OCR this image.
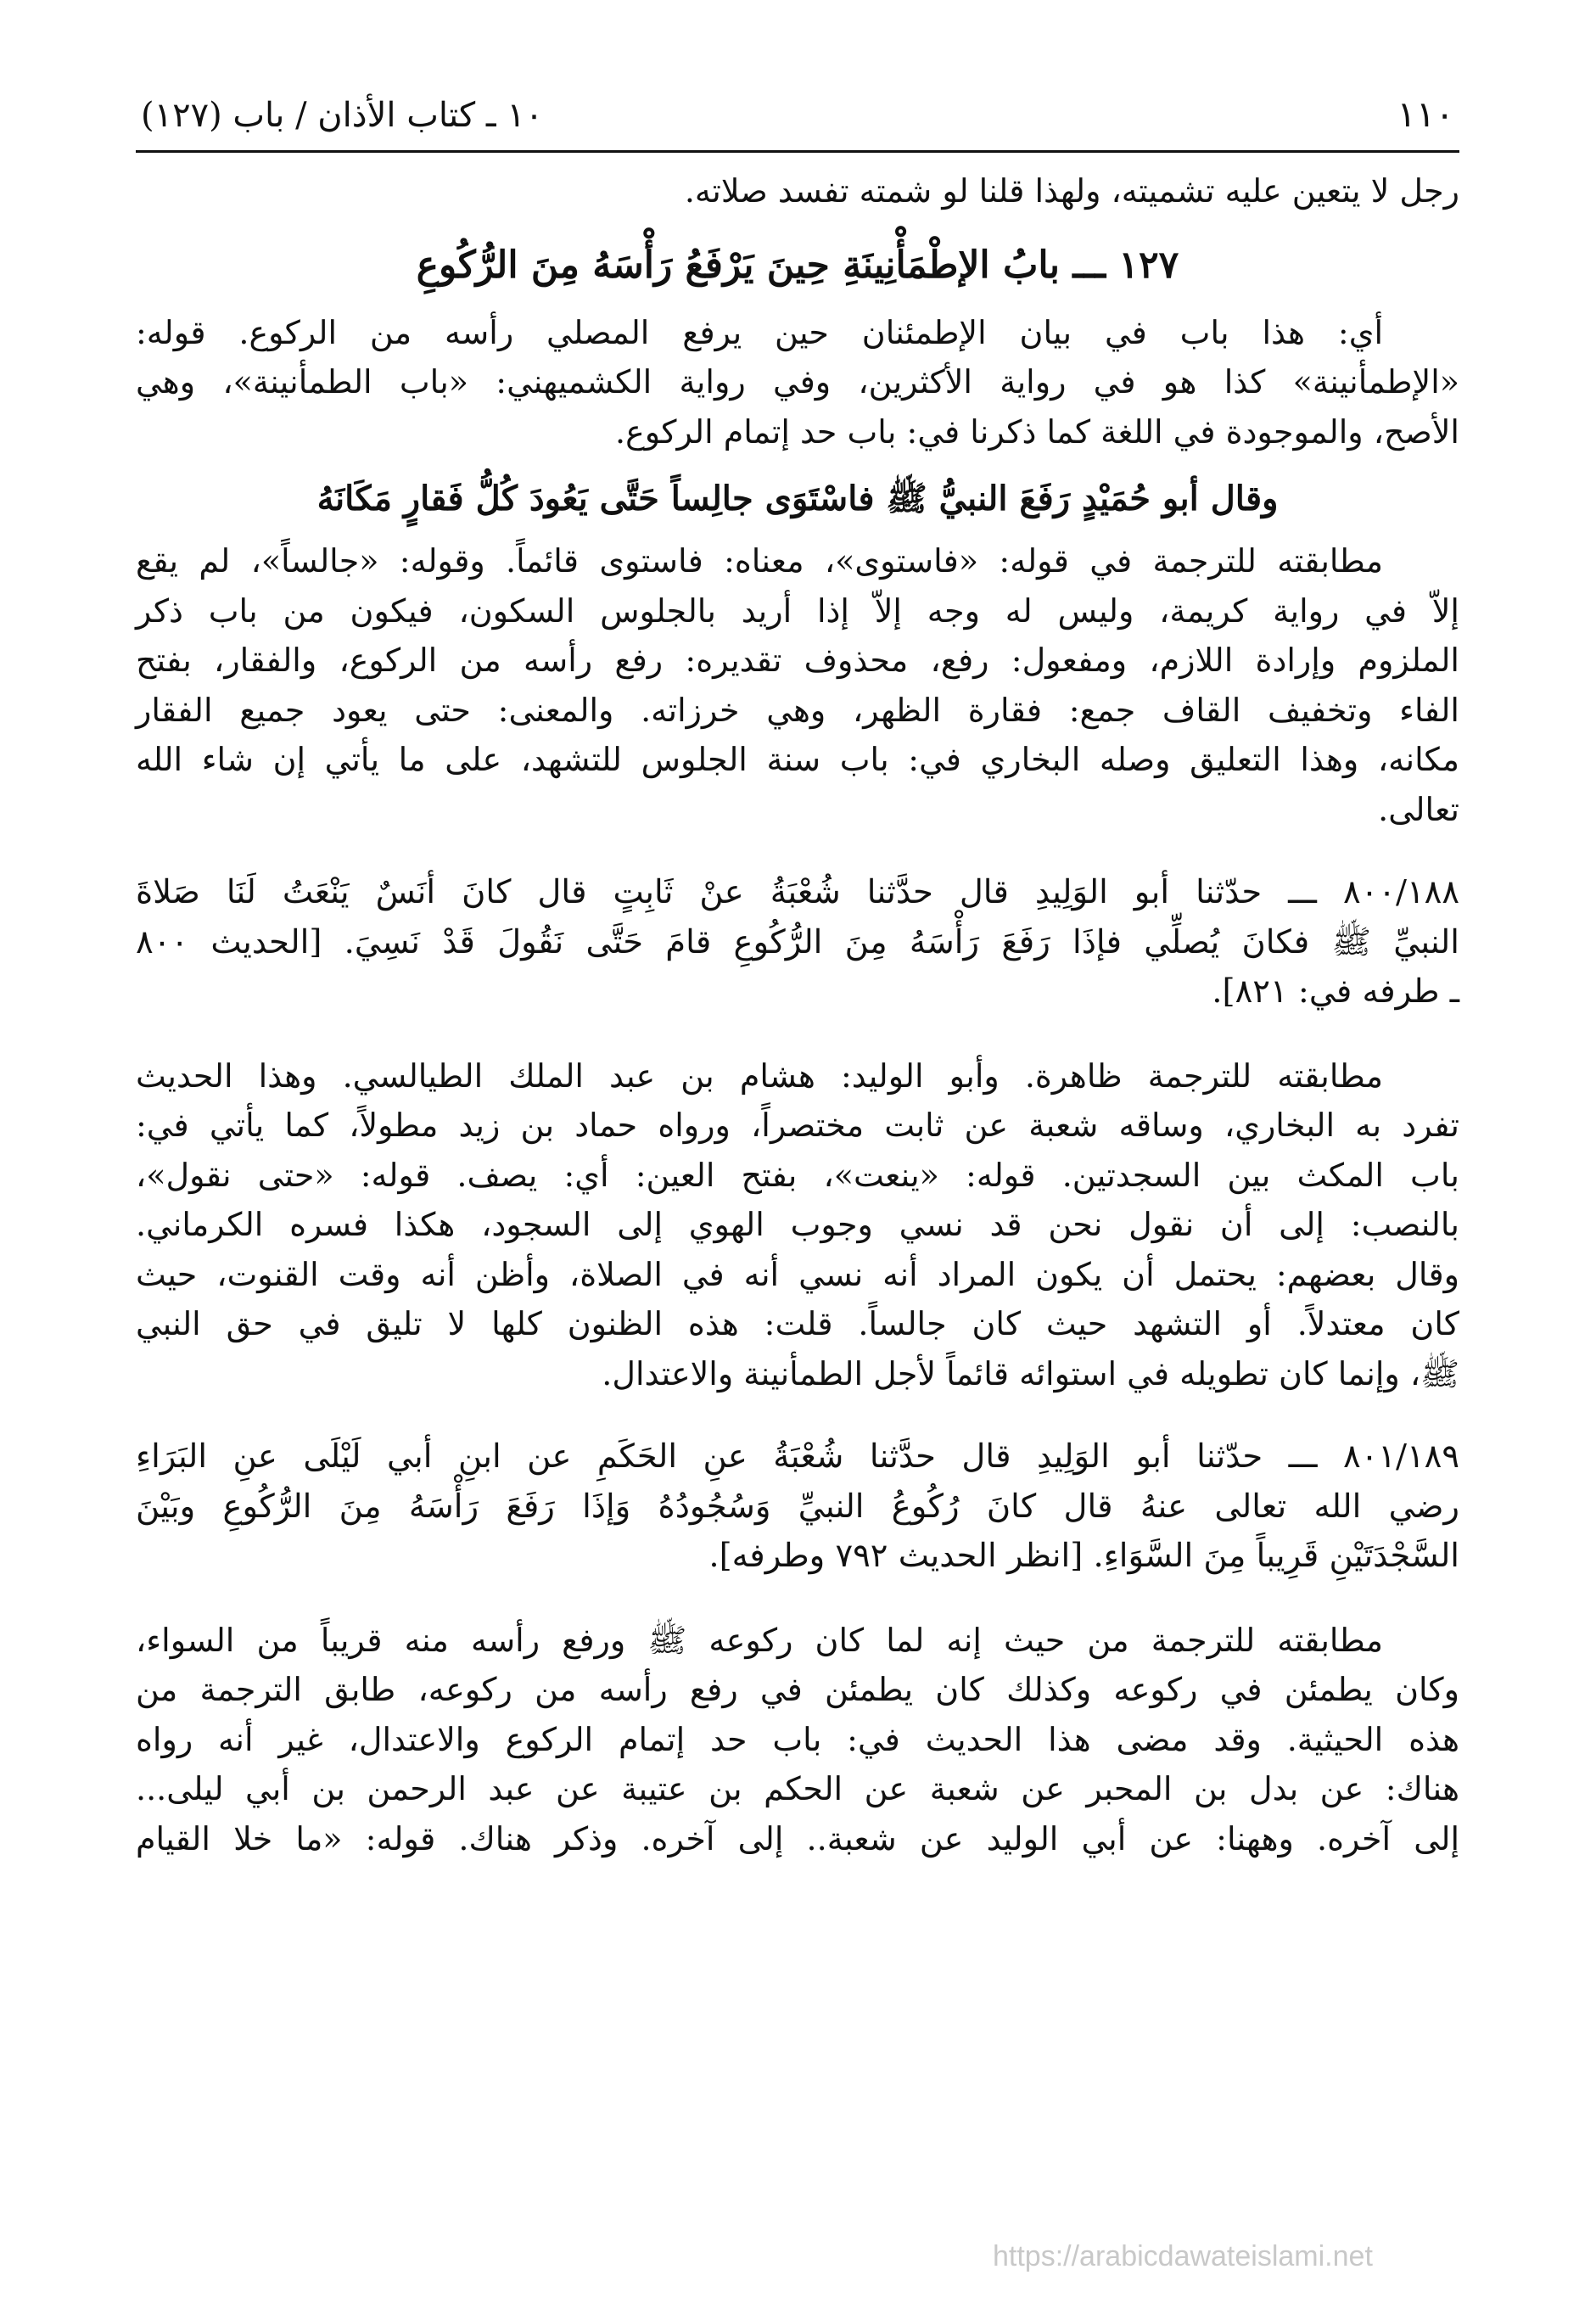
١١٠
١٠ ـ كتاب الأذان / باب (١٢٧)
رجل لا يتعين عليه تشميته، ولهذا قلنا لو شمته تفسد صلاته.
١٢٧ ـــ بابُ الإطْمَأْنِينَةِ حِينَ يَرْفَعُ رَأْسَهُ مِنَ الرُّكُوعِ
أي: هذا باب في بيان الإطمئنان حين يرفع المصلي رأسه من الركوع. قوله:
«الإطمأنينة» كذا هو في رواية الأكثرين، وفي رواية الكشميهني: «باب الطمأنينة»، وهي
الأصح، والموجودة في اللغة كما ذكرنا في: باب حد إتمام الركوع.
وقال أبو حُمَيْدٍ رَفَعَ النبيُّ ﷺ فاسْتَوَى جالِساً حَتَّى يَعُودَ كُلُّ فَقارٍ مَكَانَهُ
مطابقته للترجمة في قوله: «فاستوى»، معناه: فاستوى قائماً. وقوله: «جالساً»، لم يقع
إلاّ في رواية كريمة، وليس له وجه إلاّ إذا أريد بالجلوس السكون، فيكون من باب ذكر
الملزوم وإرادة اللازم، ومفعول: رفع، محذوف تقديره: رفع رأسه من الركوع، والفقار، بفتح
الفاء وتخفيف القاف جمع: فقارة الظهر، وهي خرزاته. والمعنى: حتى يعود جميع الفقار
مكانه، وهذا التعليق وصله البخاري في: باب سنة الجلوس للتشهد، على ما يأتي إن شاء الله
تعالى.
٨٠٠/١٨٨ ـــ حدّثنا أبو الوَلِيدِ قال حدَّثنا شُعْبَةُ عنْ ثَابِتٍ قال كانَ أنَسٌ يَنْعَتُ لَنَا صَلاةَ
النبيِّ ﷺ فكانَ يُصلِّي فإذَا رَفَعَ رَأْسَهُ مِنَ الرُّكُوعِ قامَ حَتَّى نَقُولَ قَدْ نَسِيَ. [الحديث ٨٠٠
ـ طرفه في: ٨٢١].
مطابقته للترجمة ظاهرة. وأبو الوليد: هشام بن عبد الملك الطيالسي. وهذا الحديث
تفرد به البخاري، وساقه شعبة عن ثابت مختصراً، ورواه حماد بن زيد مطولاً، كما يأتي في:
باب المكث بين السجدتين. قوله: «ينعت»، بفتح العين: أي: يصف. قوله: «حتى نقول»،
بالنصب: إلى أن نقول نحن قد نسي وجوب الهوي إلى السجود، هكذا فسره الكرماني.
وقال بعضهم: يحتمل أن يكون المراد أنه نسي أنه في الصلاة، وأظن أنه وقت القنوت، حيث
كان معتدلاً. أو التشهد حيث كان جالساً. قلت: هذه الظنون كلها لا تليق في حق النبي
ﷺ، وإنما كان تطويله في استوائه قائماً لأجل الطمأنينة والاعتدال.
٨٠١/١٨٩ ـــ حدّثنا أبو الوَلِيدِ قال حدَّثنا شُعْبَةُ عنِ الحَكَمِ عن ابنِ أبي لَيْلَى عنِ البَرَاءِ
رضي الله تعالى عنهُ قال كانَ رُكُوعُ النبيِّ وَسُجُودُهُ وَإذَا رَفَعَ رَأْسَهُ مِنَ الرُّكُوعِ وبَيْنَ
السَّجْدَتَيْنِ قَرِيباً مِنَ السَّوَاءِ. [انظر الحديث ٧٩٢ وطرفه].
مطابقته للترجمة من حيث إنه لما كان ركوعه ﷺ ورفع رأسه منه قريباً من السواء،
وكان يطمئن في ركوعه وكذلك كان يطمئن في رفع رأسه من ركوعه، طابق الترجمة من
هذه الحيثية. وقد مضى هذا الحديث في: باب حد إتمام الركوع والاعتدال، غير أنه رواه
هناك: عن بدل بن المحبر عن شعبة عن الحكم بن عتيبة عن عبد الرحمن بن أبي ليلى...
إلى آخره. وههنا: عن أبي الوليد عن شعبة.. إلى آخره. وذكر هناك. قوله: «ما خلا القيام
https://arabicdawateislami.net
